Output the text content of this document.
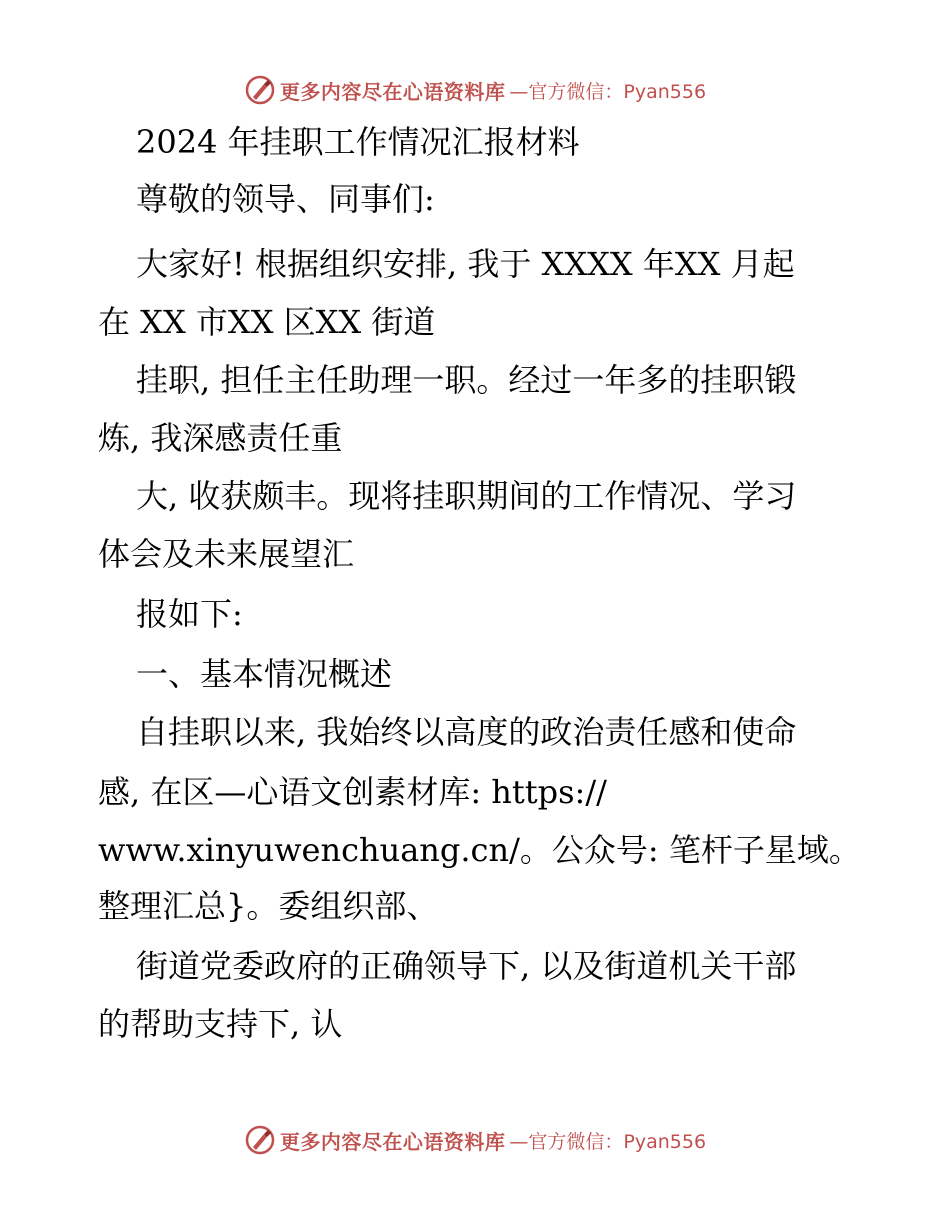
更多内容尽在心语资料库 —官方微信：Pyan556
2024 年挂职工作情况汇报材料
尊敬的领导、同事们:
大家好! 根据组织安排, 我于 XXXX 年XX 月起
在 XX 市XX 区XX 街道
挂职, 担任主任助理一职。经过一年多的挂职锻
炼, 我深感责任重
大, 收获颇丰。现将挂职期间的工作情况、学习
体会及未来展望汇
报如下:
一、基本情况概述
自挂职以来, 我始终以高度的政治责任感和使命
感, 在区—心语文创素材库: https://
www.xinyuwenchuang.cn/。公众号: 笔杆子星域。
整理汇总}。委组织部、
街道党委政府的正确领导下, 以及街道机关干部
的帮助支持下, 认
更多内容尽在心语资料库 —官方微信：Pyan556
